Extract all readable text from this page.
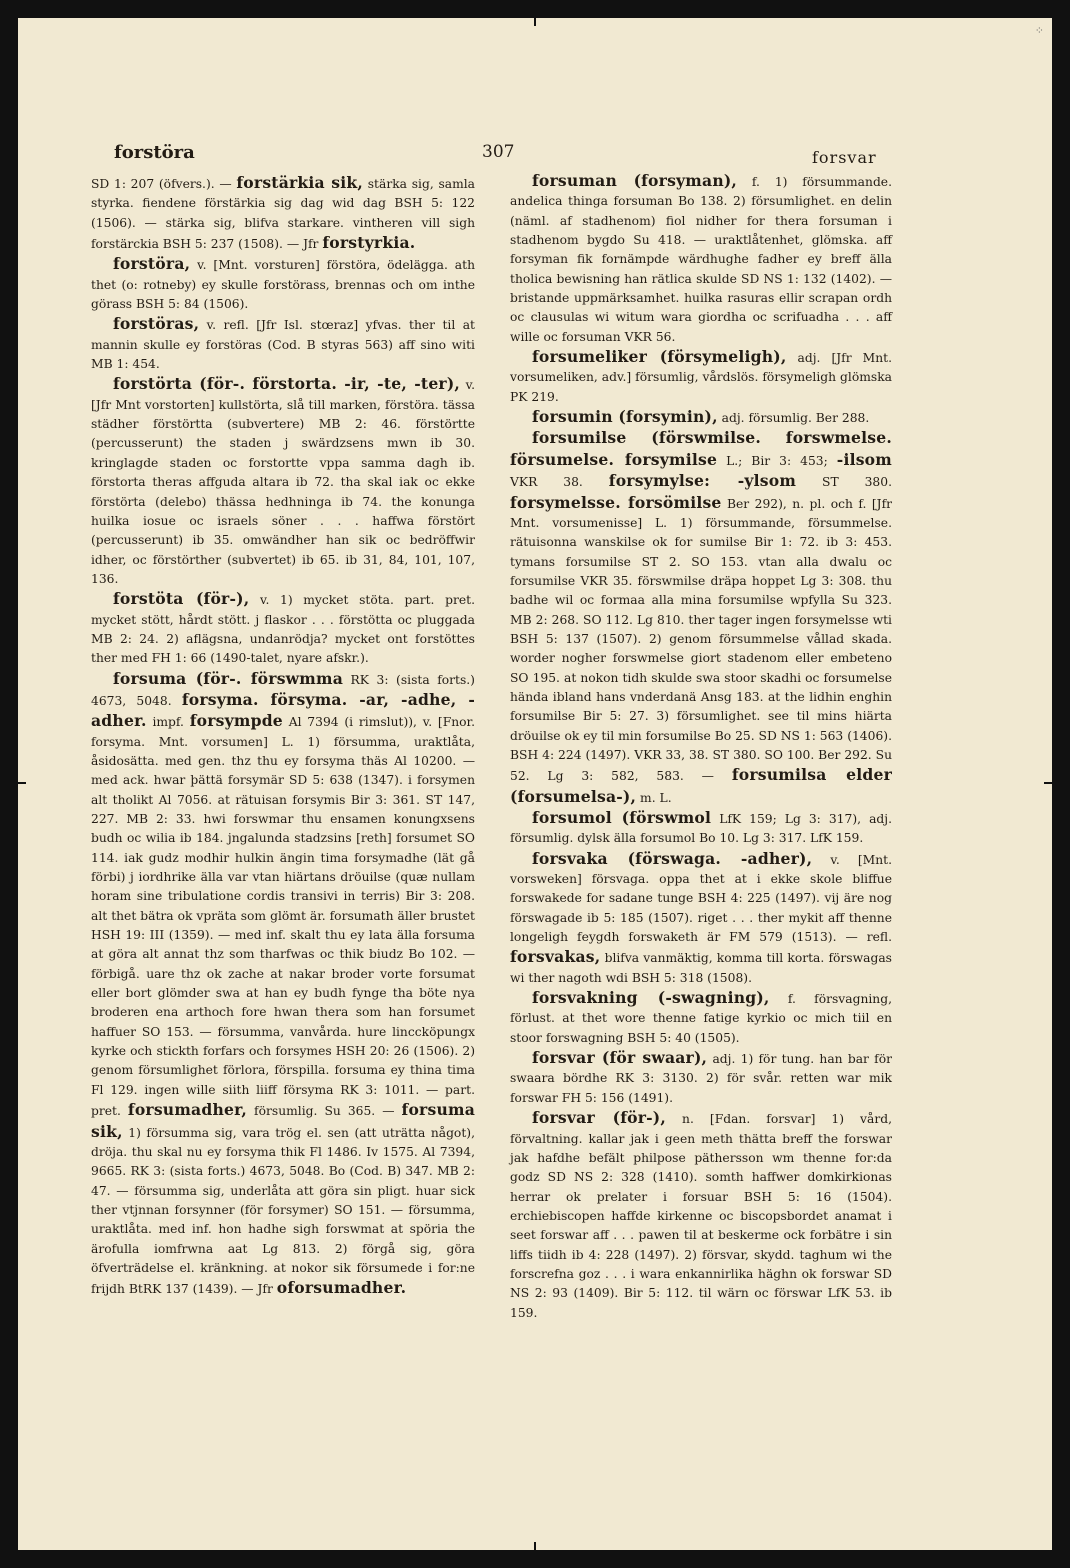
⁘
forstöra	307	forsvar

SD 1: 207 (öfvers.). — forstärkia sik, stärka sig, samla styrka. fiendene förstärkia sig dag wid dag BSH 5: 122 (1506). — stärka sig, blifva starkare. vintheren vill sigh forstärckia BSH 5: 237 (1508). — Jfr forstyrkia.

forstöra, v. [Mnt. vorsturen] förstöra, ödelägga. ath thet (o: rotneby) ey skulle forstörass, brennas och om inthe görass BSH 5: 84 (1506).

forstöras, v. refl. [Jfr Isl. stœraz] yfvas. ther til at mannin skulle ey forstöras (Cod. B styras 563) aff sino witi MB 1: 454.

forstörta (för-. förstorta. -ir, -te, -ter), v. [Jfr Mnt vorstorten] kullstörta, slå till marken, förstöra. tässa städher förstörtta (subvertere) MB 2: 46. förstörtte (percusserunt) the staden j swärdzsens mwn ib 30. kringlagde staden oc forstortte vppa samma dagh ib. förstorta theras affguda altara ib 72. tha skal iak oc ekke förstörta (delebo) thässa hedhninga ib 74. the konunga huilka iosue oc israels söner . . . haffwa förstört (percusserunt) ib 35. omwändher han sik oc bedröffwir idher, oc förstörther (subvertet) ib 65. ib 31, 84, 101, 107, 136.

forstöta (för-), v. 1) mycket stöta. part. pret. mycket stött, hårdt stött. j flaskor . . . förstötta oc pluggada MB 2: 24. 2) aflägsna, undanrödja? mycket ont forstöttes ther med FH 1: 66 (1490-talet, nyare afskr.).

forsuma (för-. förswmma RK 3: (sista forts.) 4673, 5048. forsyma. försyma. -ar, -adhe, -adher. impf. forsympde Al 7394 (i rimslut)), v. [Fnor. forsyma. Mnt. vorsumen] L. 1) försumma, uraktlåta, åsidosätta. med gen. thz thu ey forsyma thäs Al 10200. — med ack. hwar þättä forsymär SD 5: 638 (1347). i forsymen alt tholikt Al 7056. at rätuisan forsymis Bir 3: 361. ST 147, 227. MB 2: 33. hwi forswmar thu ensamen konungxsens budh oc wilia ib 184. jngalunda stadzsins [reth] forsumet SO 114. iak gudz modhir hulkin ängin tima forsymadhe (lät gå förbi) j iordhrike älla var vtan hiärtans dröuilse (quæ nullam horam sine tribulatione cordis transivi in terris) Bir 3: 208. alt thet bätra ok vpräta som glömt är. forsumath äller brustet HSH 19: III (1359). — med inf. skalt thu ey lata älla forsuma at göra alt annat thz som tharfwas oc thik biudz Bo 102. — förbigå. uare thz ok zache at nakar broder vorte forsumat eller bort glömder swa at han ey budh fynge tha böte nya broderen ena arthoch fore hwan thera som han forsumet haffuer SO 153. — försumma, vanvårda. hure linccköpungx kyrke och stickth forfars och forsymes HSH 20: 26 (1506). 2) genom försumlighet förlora, förspilla. forsuma ey thina tima Fl 129. ingen wille siith liiff försyma RK 3: 1011. — part. pret. forsumadher, försumlig. Su 365. — forsuma sik, 1) försumma sig, vara trög el. sen (att uträtta något), dröja. thu skal nu ey forsyma thik Fl 1486. Iv 1575. Al 7394, 9665. RK 3: (sista forts.) 4673, 5048. Bo (Cod. B) 347. MB 2: 47. — försumma sig, underlåta att göra sin pligt. huar sick ther vtjnnan forsynner (för forsymer) SO 151. — försumma, uraktlåta. med inf. hon hadhe sigh forswmat at spöria the ärofulla iomfrwna aat Lg 813. 2) förgå sig, göra öfverträdelse el. kränkning. at nokor sik försumede i for:ne frijdh BtRK 137 (1439). — Jfr oforsumadher.

forsuman (forsyman), f. 1) försummande. andelica thinga forsuman Bo 138. 2) försumlighet. en delin (näml. af stadhenom) fiol nidher for thera forsuman i stadhenom bygdo Su 418. — uraktlåtenhet, glömska. aff forsyman fik fornämpde wärdhughe fadher ey breff älla tholica bewisning han rätlica skulde SD NS 1: 132 (1402). — bristande uppmärksamhet. huilka rasuras ellir scrapan ordh oc clausulas wi witum wara giordha oc scrifuadha . . . aff wille oc forsuman VKR 56.

forsumeliker (försymeligh), adj. [Jfr Mnt. vorsumeliken, adv.] försumlig, vårdslös. försymeligh glömska PK 219.

forsumin (forsymin), adj. försumlig. Ber 288.

forsumilse (förswmilse. forswmelse. försumelse. forsymilse L.; Bir 3: 453; -ilsom VKR 38. forsymylse: -ylsom ST 380. forsymelsse. forsömilse Ber 292), n. pl. och f. [Jfr Mnt. vorsumenisse] L. 1) försummande, försummelse. rätuisonna wanskilse ok for sumilse Bir 1: 72. ib 3: 453. tymans forsumilse ST 2. SO 153. vtan alla dwalu oc forsumilse VKR 35. förswmilse dräpa hoppet Lg 3: 308. thu badhe wil oc formaa alla mina forsumilse wpfylla Su 323. MB 2: 268. SO 112. Lg 810. ther tager ingen forsymelsse wti BSH 5: 137 (1507). 2) genom försummelse vållad skada. worder nogher forswmelse giort stadenom eller embeteno SO 195. at nokon tidh skulde swa stoor skadhi oc forsumelse hända ibland hans vnderdanä Ansg 183. at the lidhin enghin forsumilse Bir 5: 27. 3) försumlighet. see til mins hiärta dröuilse ok ey til min forsumilse Bo 25. SD NS 1: 563 (1406). BSH 4: 224 (1497). VKR 33, 38. ST 380. SO 100. Ber 292. Su 52. Lg 3: 582, 583. — forsumilsa elder (forsumelsa-), m. L.

forsumol (förswmol LfK 159; Lg 3: 317), adj. försumlig. dylsk älla forsumol Bo 10. Lg 3: 317. LfK 159.

forsvaka (förswaga. -adher), v. [Mnt. vorsweken] försvaga. oppa thet at i ekke skole bliffue forswakede for sadane tunge BSH 4: 225 (1497). vij äre nog förswagade ib 5: 185 (1507). riget . . . ther mykit aff thenne longeligh feygdh forswaketh är FM 579 (1513). — refl. forsvakas, blifva vanmäktig, komma till korta. förswagas wi ther nagoth wdi BSH 5: 318 (1508).

forsvakning (-swagning), f. försvagning, förlust. at thet wore thenne fatige kyrkio oc mich tiil en stoor forswagning BSH 5: 40 (1505).

forsvar (för swaar), adj. 1) för tung. han bar för swaara bördhe RK 3: 3130. 2) för svår. retten war mik forswar FH 5: 156 (1491).

forsvar (för-), n. [Fdan. forsvar] 1) vård, förvaltning. kallar jak i geen meth thätta breff the forswar jak hafdhe befält philpose päthersson wm thenne for:da godz SD NS 2: 328 (1410). somth haffwer domkirkionas herrar ok prelater i forsuar BSH 5: 16 (1504). erchiebiscopen haffde kirkenne oc biscopsbordet anamat i seet forswar aff . . . pawen til at beskerme ock forbätre i sin liffs tiidh ib 4: 228 (1497). 2) försvar, skydd. taghum wi the forscrefna goz . . . i wara enkannirlika häghn ok forswar SD NS 2: 93 (1409). Bir 5: 112. til wärn oc förswar LfK 53. ib 159.
